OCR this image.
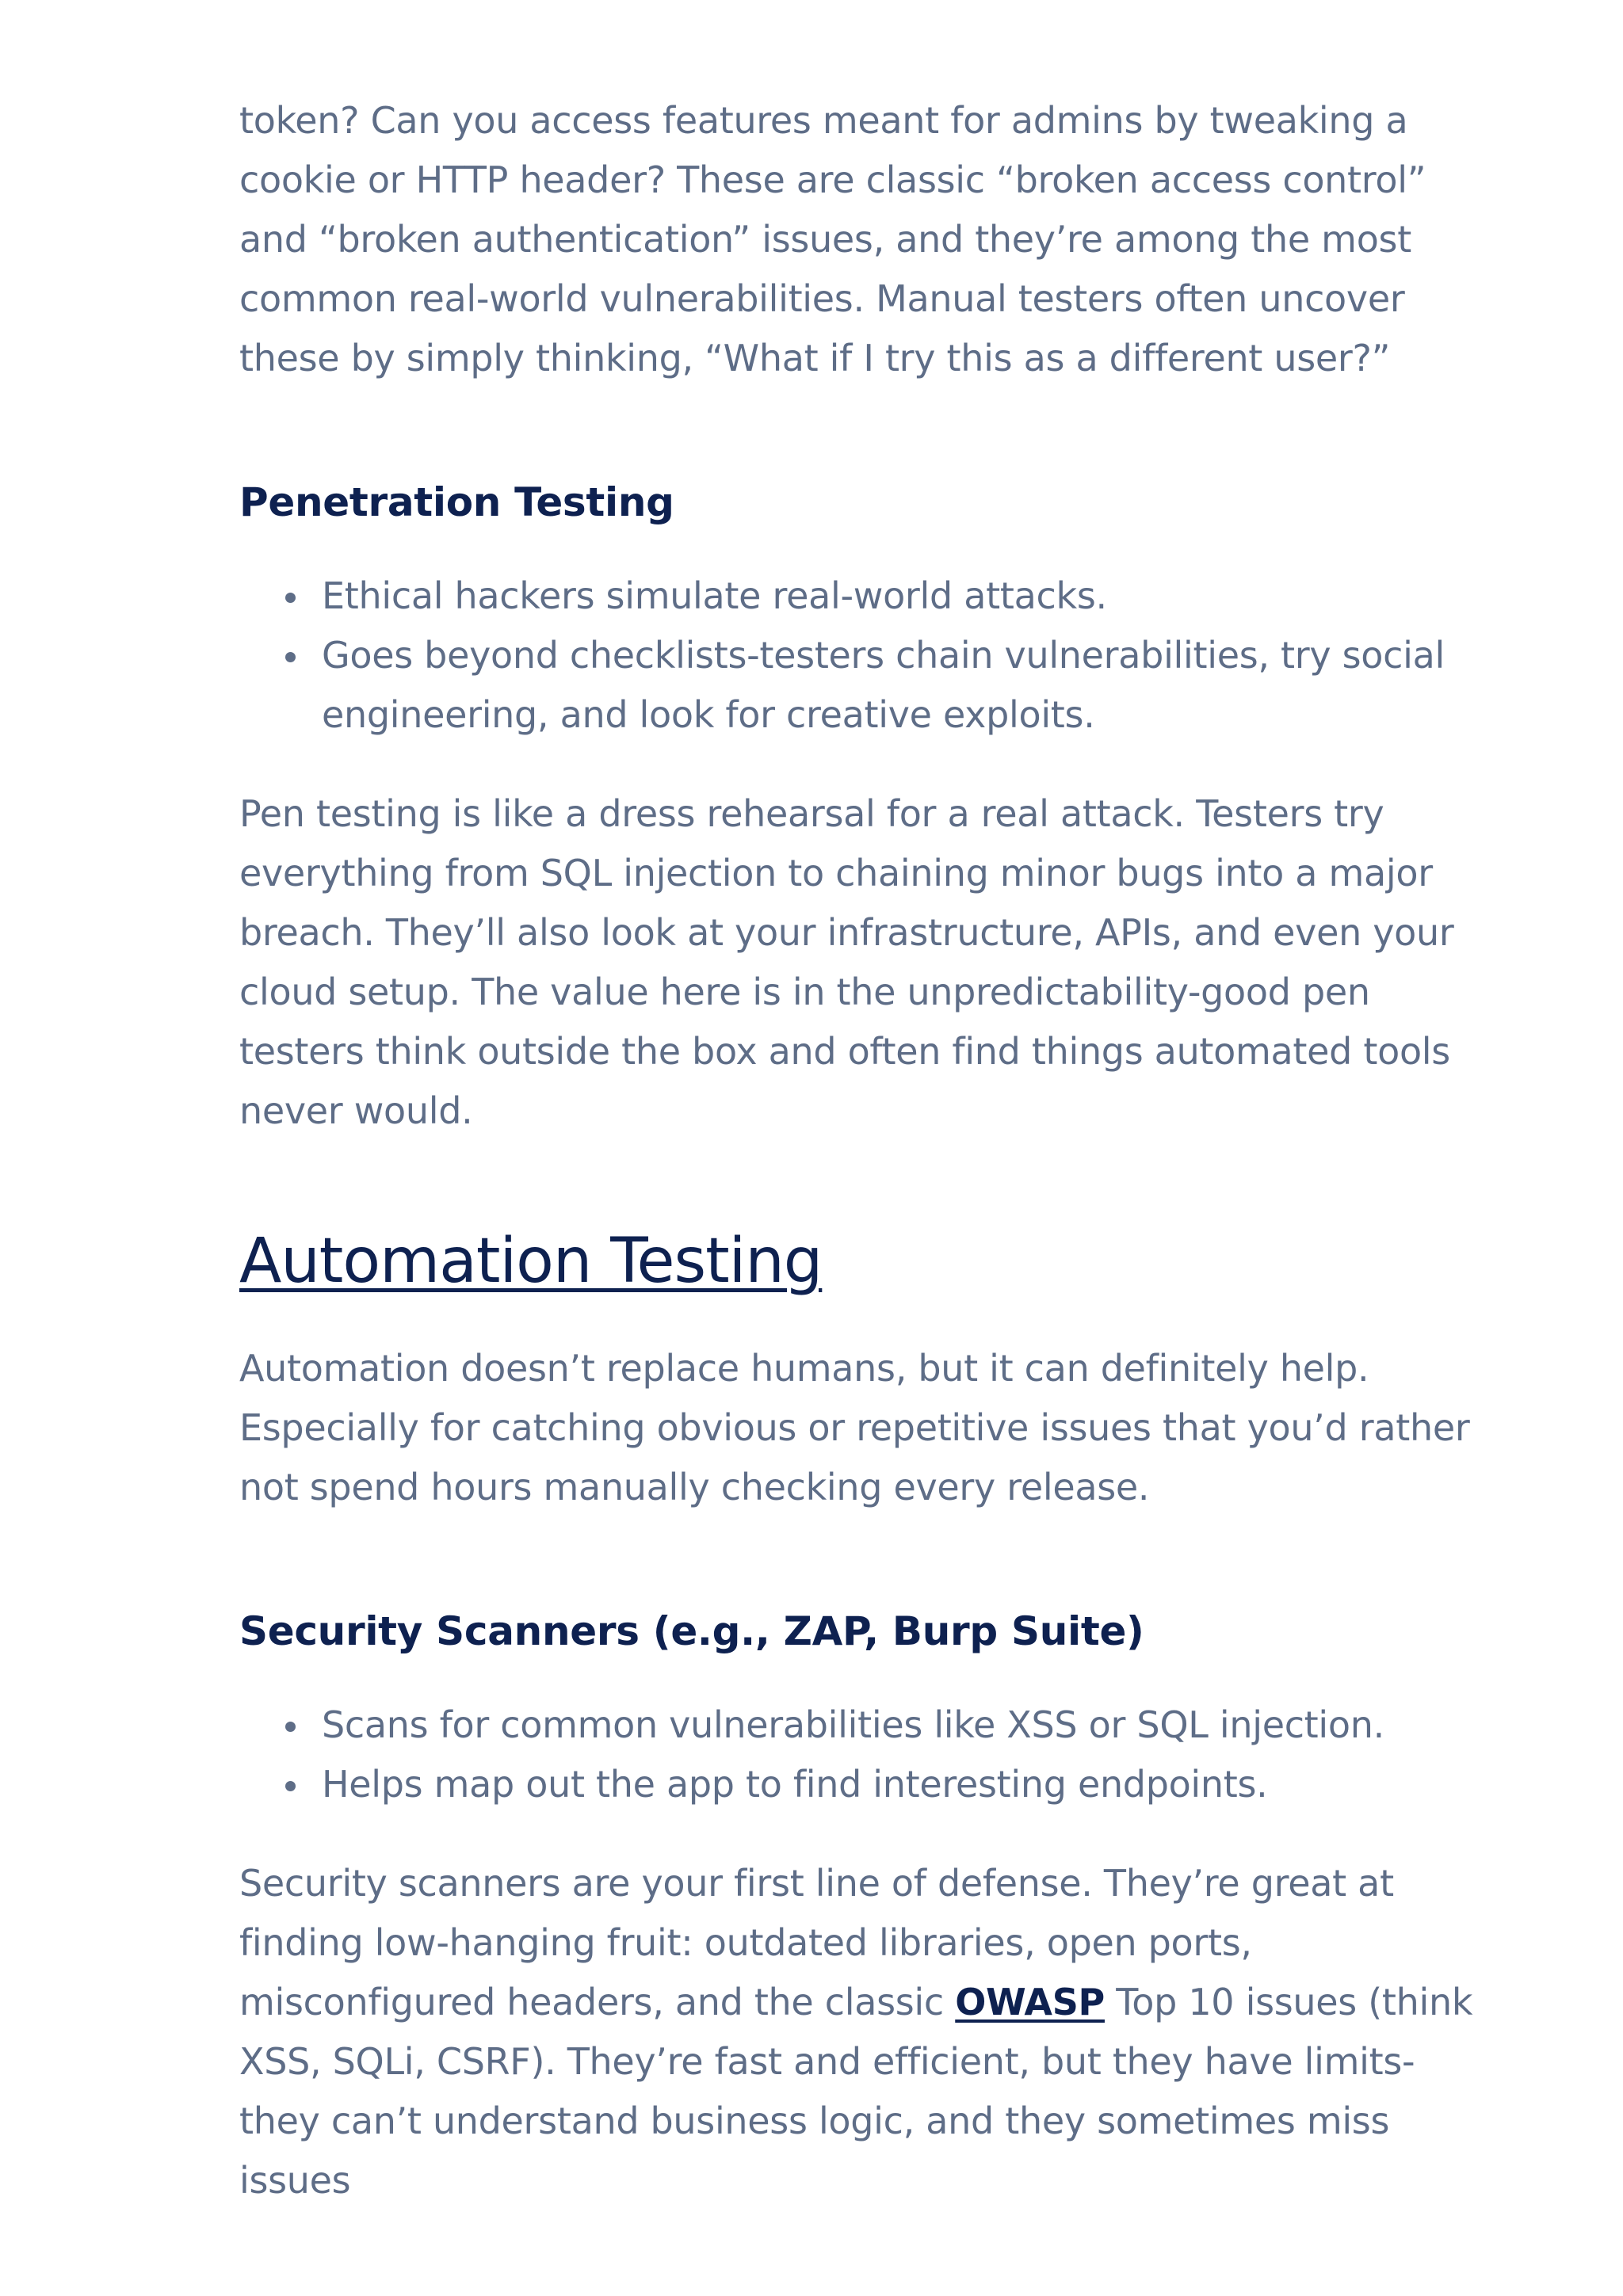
token? Can you access features meant for admins by tweaking a cookie or HTTP header? These are classic “broken access control” and “broken authentication” issues, and they’re among the most common real-world vulnerabilities. Manual testers often uncover these by simply thinking, “What if I try this as a different user?”

Penetration Testing
Ethical hackers simulate real-world attacks.
Goes beyond checklists-testers chain vulnerabilities, try social engineering, and look for creative exploits.

Pen testing is like a dress rehearsal for a real attack. Testers try everything from SQL injection to chaining minor bugs into a major breach. They’ll also look at your infrastructure, APIs, and even your cloud setup. The value here is in the unpredictability-good pen testers think outside the box and often find things automated tools never would.

Automation Testing

Automation doesn’t replace humans, but it can definitely help. Especially for catching obvious or repetitive issues that you’d rather not spend hours manually checking every release.

Security Scanners (e.g., ZAP, Burp Suite)
Scans for common vulnerabilities like XSS or SQL injection.
Helps map out the app to find interesting endpoints.

Security scanners are your first line of defense. They’re great at finding low-hanging fruit: outdated libraries, open ports, misconfigured headers, and the classic OWASP Top 10 issues (think XSS, SQLi, CSRF). They’re fast and efficient, but they have limits-they can’t understand business logic, and they sometimes miss issues
